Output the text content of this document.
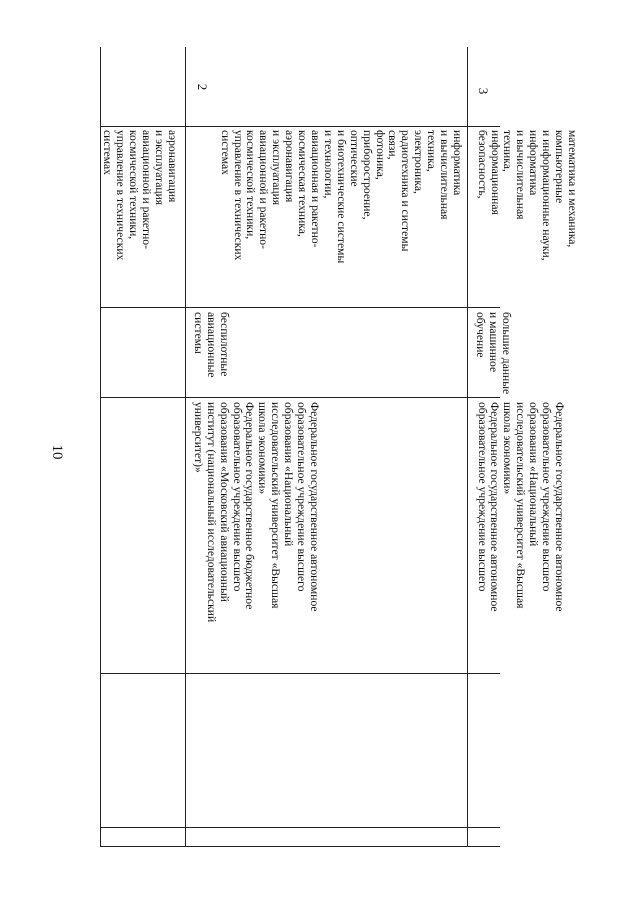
10
аэронавигация
и эксплуатация
авиационной и ракетно-
космической техники,
управление в технических
системах
2
информатика
и вычислительная
техника,
электроника,
радиотехника и системы
связи,
фотоника,
приборостроение,
оптические
и биотехнические системы
и технологии,
авиационная и ракетно-
космическая техника,
аэронавигация
и эксплуатация
авиационной и ракетно-
космической техники,
управление в технических
системах
беспилотные
авиационные
системы
Федеральное государственное автономное
образовательное учреждение высшего
образования «Национальный
исследовательский университет «Высшая
школа экономики»
Федеральное государственное бюджетное
образовательное учреждение высшего
образования «Московский авиационный
институт (национальный исследовательский
университет)»
3
математика и механика,
компьютерные
и информационные науки,
информатика
и вычислительная
техника,
информационная
безопасность,
большие данные
и машинное
обучение
Федеральное государственное автономное
образовательное учреждение высшего
образования «Национальный
исследовательский университет «Высшая
школа экономики»
Федеральное государственное автономное
образовательное учреждение высшего
